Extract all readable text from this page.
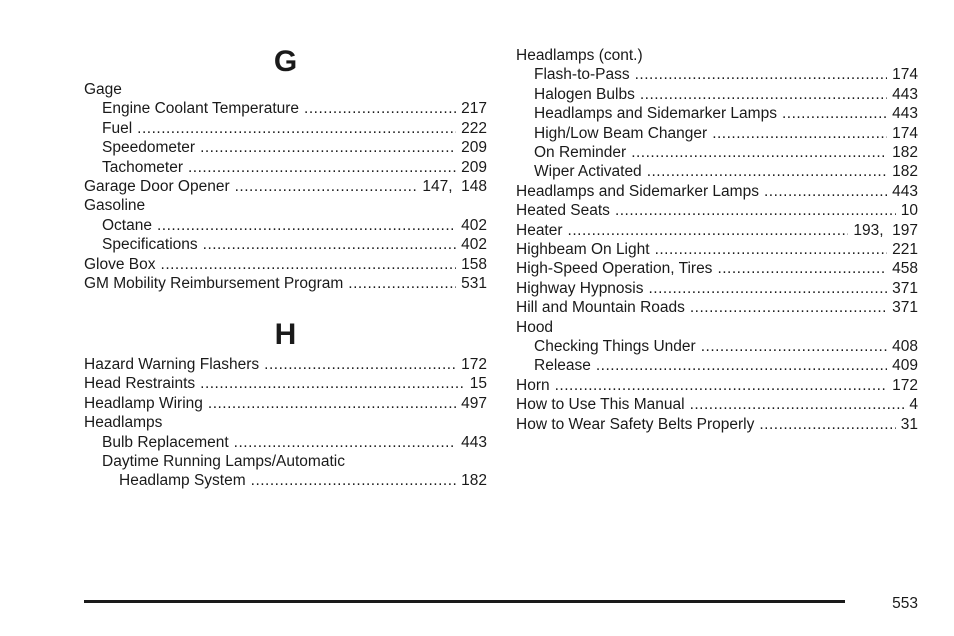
G
Gage
Engine Coolant Temperature .....	217
Fuel .....	222
Speedometer .....	209
Tachometer .....	209
Garage Door Opener .....	147,  148
Gasoline
Octane .....	402
Specifications .....	402
Glove Box .....	158
GM Mobility Reimbursement Program .....	531
H
Hazard Warning Flashers .....	172
Head Restraints .....	15
Headlamp Wiring .....	497
Headlamps
Bulb Replacement .....	443
Daytime Running Lamps/Automatic
Headlamp System .....	182
Headlamps (cont.)
Flash-to-Pass .....	174
Halogen Bulbs .....	443
Headlamps and Sidemarker Lamps .....	443
High/Low Beam Changer .....	174
On Reminder .....	182
Wiper Activated .....	182
Headlamps and Sidemarker Lamps .....	443
Heated Seats .....	10
Heater .....	193,  197
Highbeam On Light .....	221
High-Speed Operation, Tires .....	458
Highway Hypnosis .....	371
Hill and Mountain Roads .....	371
Hood
Checking Things Under .....	408
Release .....	409
Horn .....	172
How to Use This Manual .....	4
How to Wear Safety Belts Properly .....	31
553
